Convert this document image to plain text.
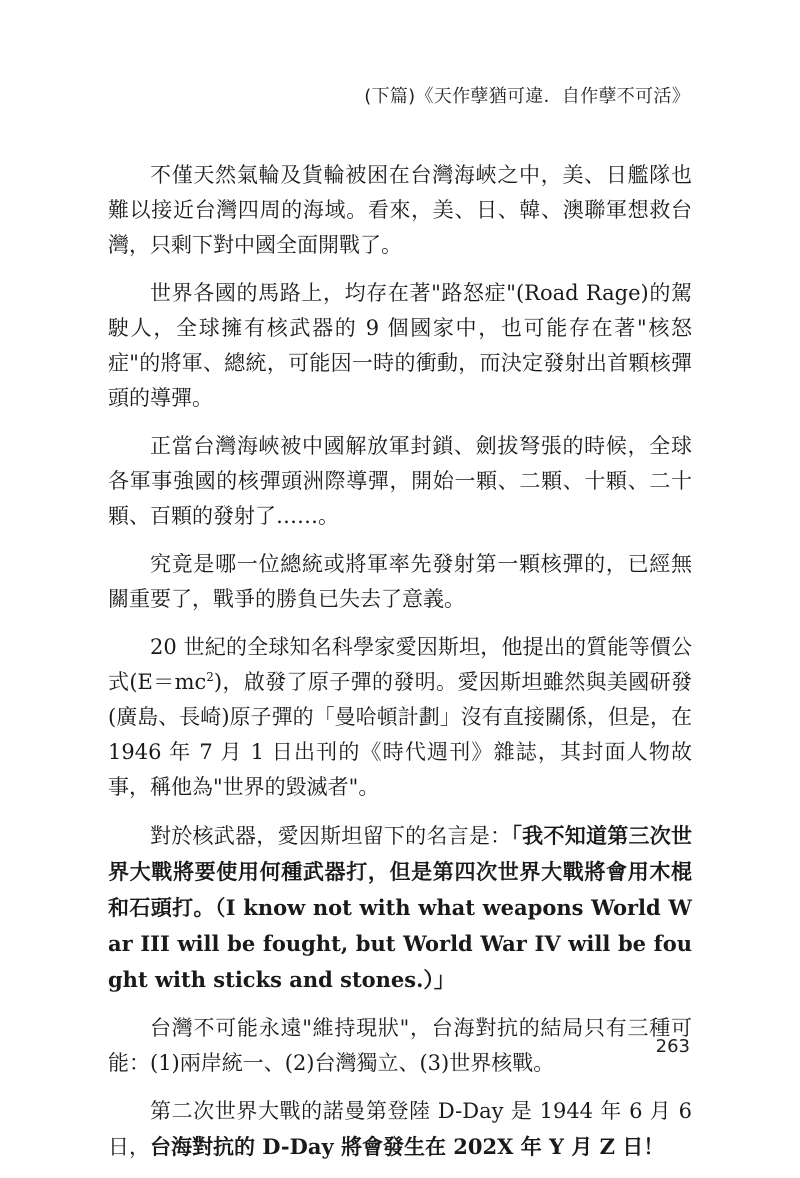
(下篇)《天作孽猶可違．自作孽不可活》

不僅天然氣輪及貨輪被困在台灣海峽之中，美、日艦隊也難以接近台灣四周的海域。看來，美、日、韓、澳聯軍想救台灣，只剩下對中國全面開戰了。

世界各國的馬路上，均存在著"路怒症"(Road Rage)的駕駛人，全球擁有核武器的 9 個國家中，也可能存在著"核怒症"的將軍、總統，可能因一時的衝動，而決定發射出首顆核彈頭的導彈。

正當台灣海峽被中國解放軍封鎖、劍拔弩張的時候，全球各軍事強國的核彈頭洲際導彈，開始一顆、二顆、十顆、二十顆、百顆的發射了……。

究竟是哪一位總統或將軍率先發射第一顆核彈的，已經無關重要了，戰爭的勝負已失去了意義。

20 世紀的全球知名科學家愛因斯坦，他提出的質能等價公式$(E=mc^2)$，啟發了原子彈的發明。愛因斯坦雖然與美國研發(廣島、長崎)原子彈的「曼哈頓計劃」沒有直接關係，但是，在 1946 年 7 月 1 日出刊的《時代週刊》雜誌，其封面人物故事，稱他為"世界的毀滅者"。

對於核武器，愛因斯坦留下的名言是：「我不知道第三次世界大戰將要使用何種武器打，但是第四次世界大戰將會用木棍和石頭打。（I know not with what weapons World War III will be fought, but World War IV will be fought with sticks and stones.）」

台灣不可能永遠"維持現狀"，台海對抗的結局只有三種可能：(1)兩岸統一、(2)台灣獨立、(3)世界核戰。

第二次世界大戰的諾曼第登陸 D-Day 是 1944 年 6 月 6 日，台海對抗的 D-Day 將會發生在 202X 年 Y 月 Z 日！

263
